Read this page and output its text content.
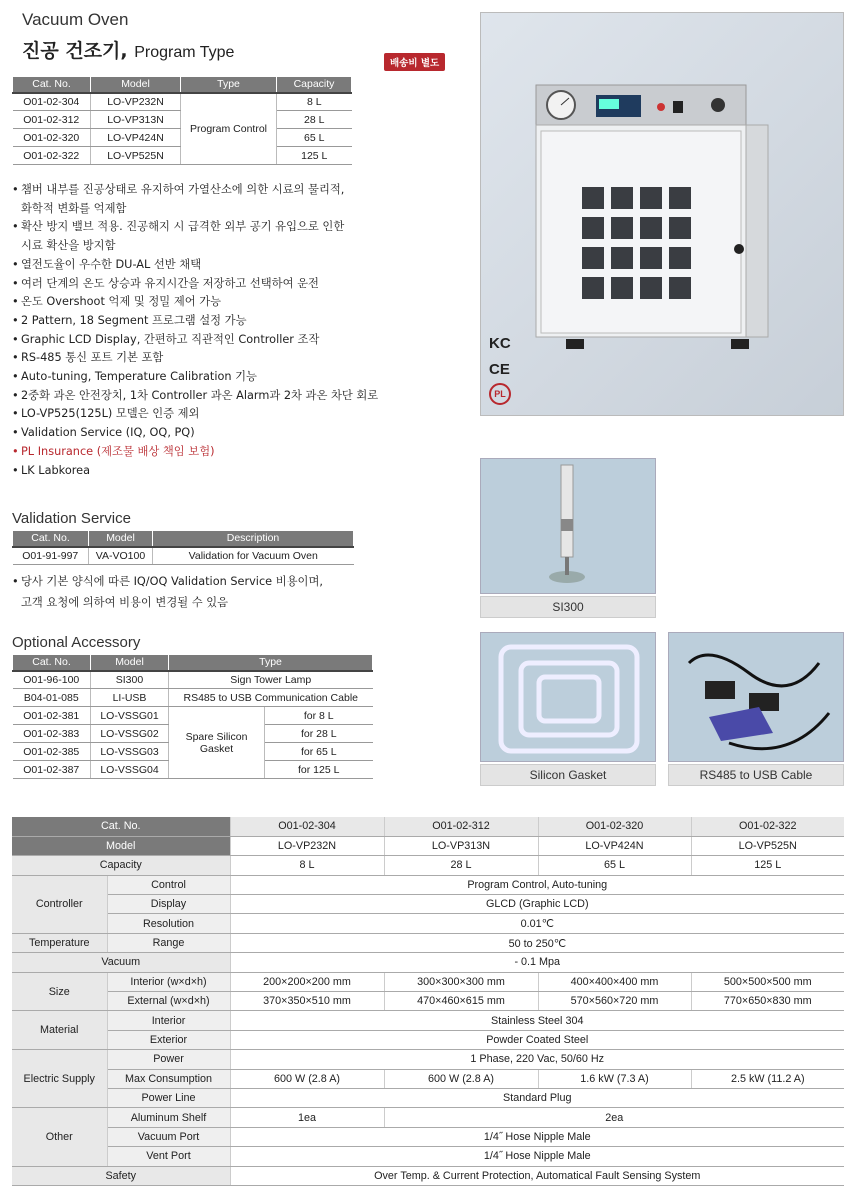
Vacuum Oven
진공 건조기, Program Type
배송비 별도
Cat. No.	Model	Type	Capacity
O01-02-304	LO-VP232N	Program Control	8 L
O01-02-312	LO-VP313N		28 L
O01-02-320	LO-VP424N		65 L
O01-02-322	LO-VP525N		125 L
• 챔버 내부를 진공상태로 유지하여 가열산소에 의한 시료의 물리적,
화학적 변화를 억제함
• 확산 방지 밸브 적용. 진공해지 시 급격한 외부 공기 유입으로 인한
시료 확산을 방지함
• 열전도율이 우수한 DU-AL 선반 채택
• 여러 단계의 온도 상승과 유지시간을 저장하고 선택하여 운전
• 온도 Overshoot 억제 및 정밀 제어 가능
• 2 Pattern, 18 Segment 프로그램 설정 가능
• Graphic LCD Display, 간편하고 직관적인 Controller 조작
• RS-485 통신 포트 기본 포함
• Auto-tuning, Temperature Calibration 기능
• 2중화 과온 안전장치, 1차 Controller 과온 Alarm과 2차 과온 차단 회로
• LO-VP525(125L) 모델은 인증 제외
• Validation Service (IQ, OQ, PQ)
• PL Insurance (제조물 배상 책임 보험)
• LK Labkorea
Validation Service
Cat. No.	Model	Description
O01-91-997	VA-VO100	Validation for Vacuum Oven
• 당사 기본 양식에 따른 IQ/OQ Validation Service 비용이며,
고객 요청에 의하여 비용이 변경될 수 있음
Optional Accessory
Cat. No.	Model	Type	
O01-96-100	SI300	Sign Tower Lamp	
B04-01-085	LI-USB	RS485 to USB Communication Cable	
O01-02-381	LO-VSSG01	Spare Silicon Gasket	for 8 L
O01-02-383	LO-VSSG02		for 28 L
O01-02-385	LO-VSSG03		for 65 L
O01-02-387	LO-VSSG04		for 125 L
KC
CE
PL
SI300
Silicon Gasket	RS485 to USB Cable
Cat. No.		O01-02-304	O01-02-312	O01-02-320	O01-02-322
Model		LO-VP232N	LO-VP313N	LO-VP424N	LO-VP525N
Capacity		8 L	28 L	65 L	125 L
Controller	Control	Program Control, Auto-tuning			
	Display	GLCD (Graphic LCD)			
	Resolution	0.01℃			
Temperature	Range	50 to 250℃			
Vacuum		- 0.1 Mpa			
Size	Interior (w×d×h)	200×200×200 mm	300×300×300 mm	400×400×400 mm	500×500×500 mm
	External (w×d×h)	370×350×510 mm	470×460×615 mm	570×560×720 mm	770×650×830 mm
Material	Interior	Stainless Steel 304			
	Exterior	Powder Coated Steel			
Electric Supply	Power	1 Phase, 220 Vac, 50/60 Hz			
	Max Consumption	600 W (2.8 A)	600 W (2.8 A)	1.6 kW (7.3 A)	2.5 kW (11.2 A)
	Power Line	Standard Plug			
Other	Aluminum Shelf	1ea	2ea		
	Vacuum Port	1/4˝ Hose Nipple Male			
	Vent Port	1/4˝ Hose Nipple Male			
Safety		Over Temp. & Current Protection, Automatical Fault Sensing System			
